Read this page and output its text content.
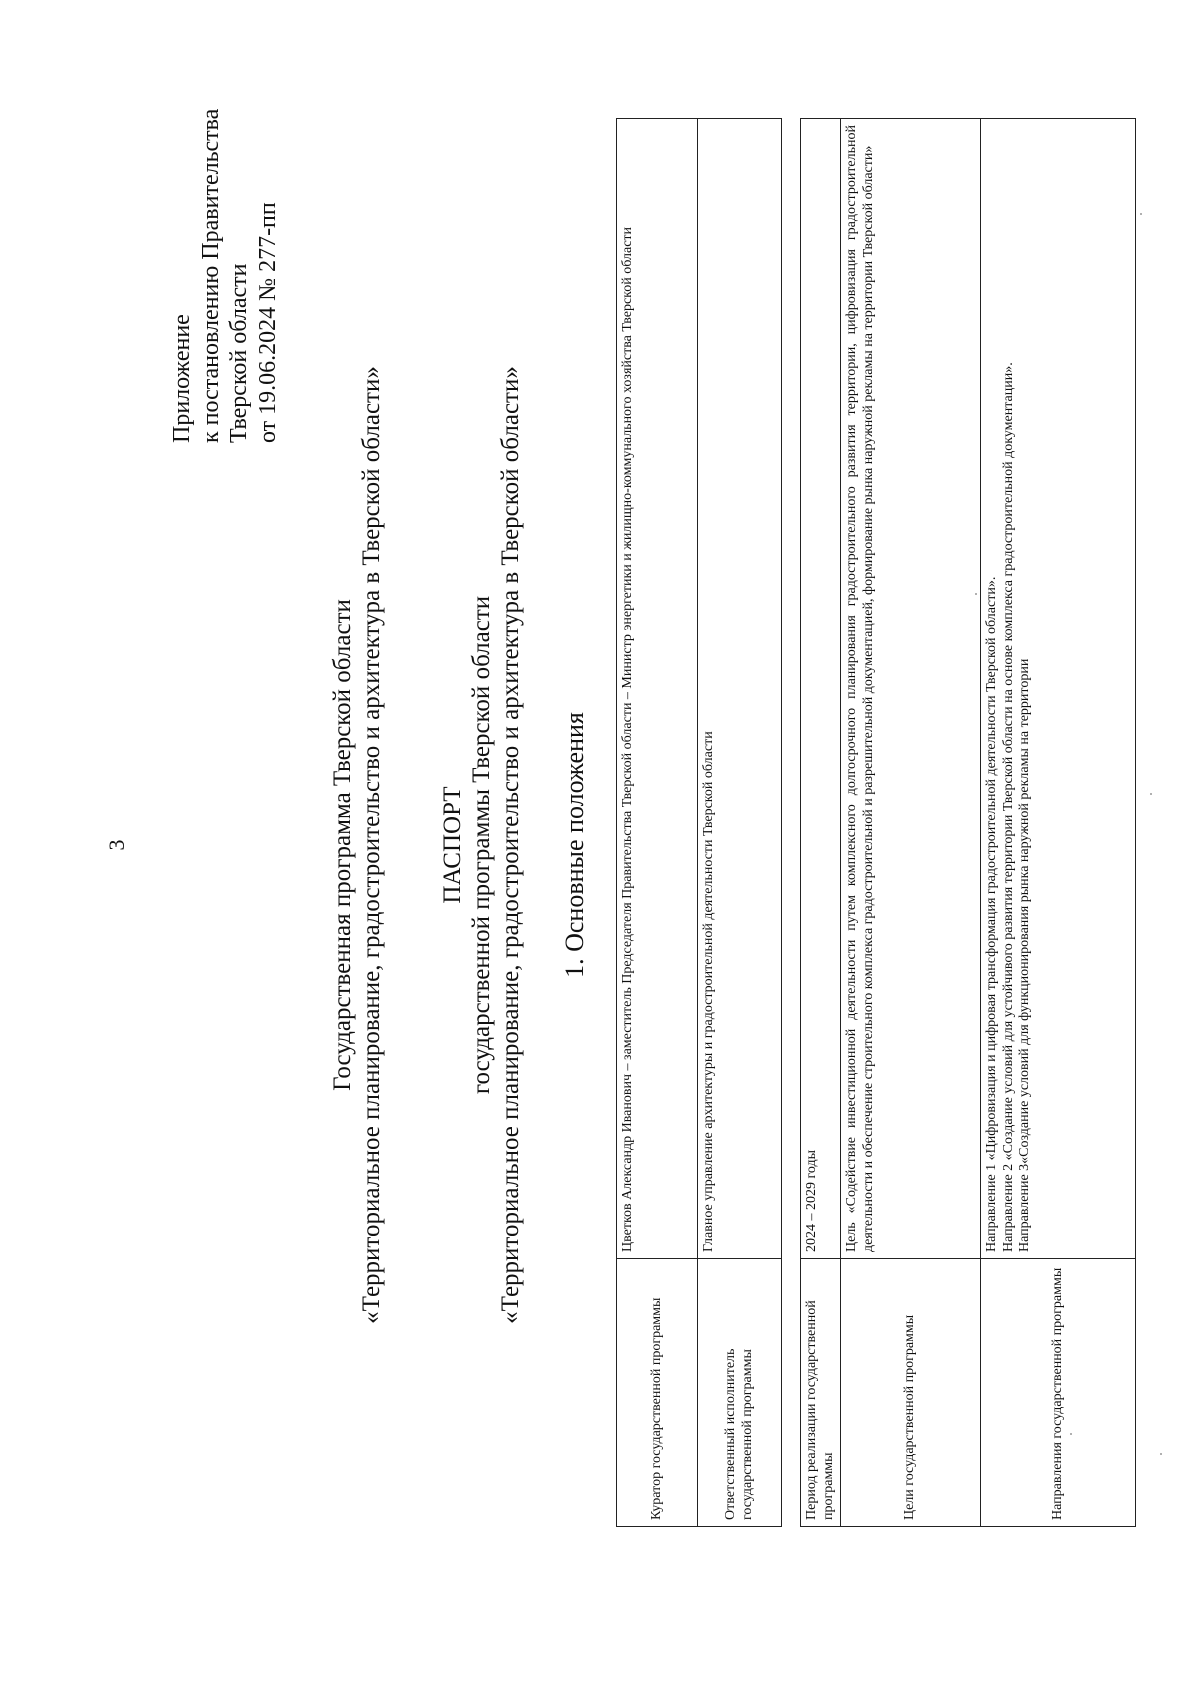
3
Приложение к постановлению Правительства Тверской области от 19.06.2024 № 277-пп
Государственная программа Тверской области «Территориальное планирование, градостроительство и архитектура в Тверской области» ПАСПОРТ государственной программы Тверской области «Территориальное планирование, градостроительство и архитектура в Тверской области» 1. Основные положения
Куратор государственной программы	Цветков Александр Иванович – заместитель Председателя Правительства Тверской области – Министр энергетики и жилищно-коммунального хозяйства Тверской области
Ответственный исполнитель государственной программы	Главное управление архитектуры и градостроительной деятельности Тверской области
Период реализации государственной программы	2024 – 2029 годы
Цели государственной программы	Цель «Содействие инвестиционной деятельности путем комплексного долгосрочного планирования градостроительного развития территории, цифровизация градостроительной деятельности и обеспечение строительного комплекса градостроительной и разрешительной документацией, формирование рынка наружной рекламы на территории Тверской области»
Направления государственной программы	Направление 1 «Цифровизация и цифровая трансформация градостроительной деятельности Тверской области». Направление 2 «Создание условий для устойчивого развития территории Тверской области на основе комплекса градостроительной документации». Направление 3«Создание условий для функционирования рынка наружной рекламы на территории
